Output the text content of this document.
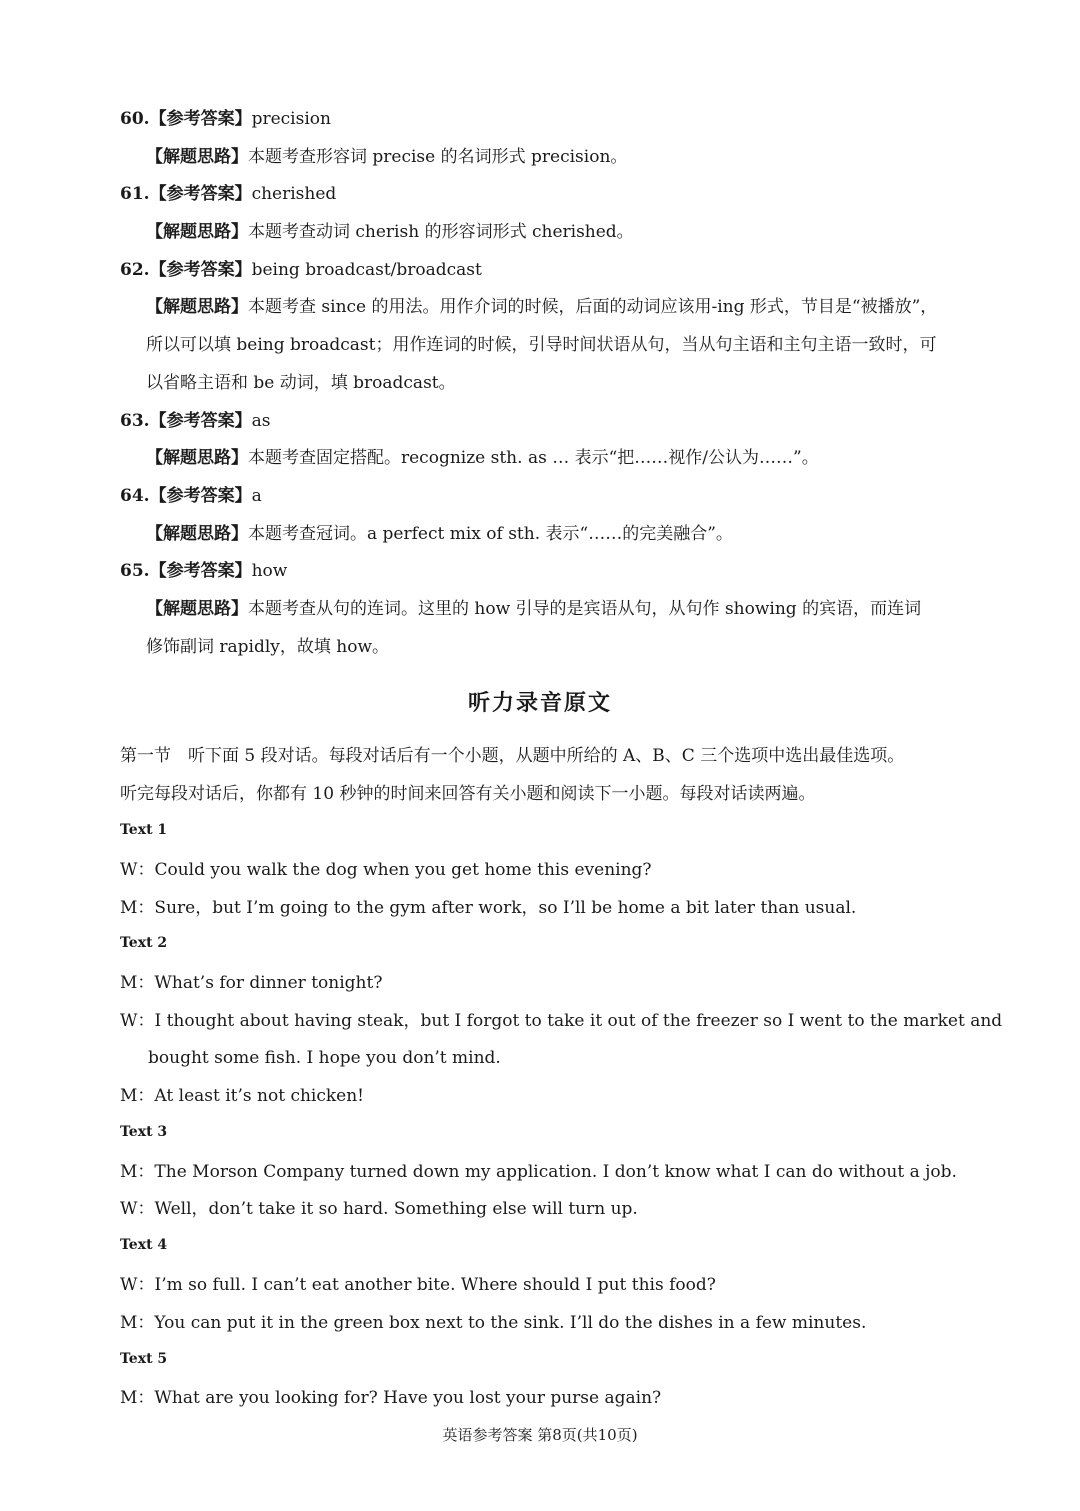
60.【参考答案】precision
【解题思路】本题考查形容词 precise 的名词形式 precision。
61.【参考答案】cherished
【解题思路】本题考查动词 cherish 的形容词形式 cherished。
62.【参考答案】being broadcast/broadcast
【解题思路】本题考查 since 的用法。用作介词的时候，后面的动词应该用-ing 形式，节目是“被播放”，
所以可以填 being broadcast；用作连词的时候，引导时间状语从句，当从句主语和主句主语一致时，可
以省略主语和 be 动词，填 broadcast。
63.【参考答案】as
【解题思路】本题考查固定搭配。recognize sth. as … 表示“把……视作/公认为……”。
64.【参考答案】a
【解题思路】本题考查冠词。a perfect mix of sth. 表示“……的完美融合”。
65.【参考答案】how
【解题思路】本题考查从句的连词。这里的 how 引导的是宾语从句，从句作 showing 的宾语，而连词
修饰副词 rapidly，故填 how。
听力录音原文
第一节　听下面 5 段对话。每段对话后有一个小题，从题中所给的 A、B、C 三个选项中选出最佳选项。
听完每段对话后，你都有 10 秒钟的时间来回答有关小题和阅读下一小题。每段对话读两遍。
Text 1
W：Could you walk the dog when you get home this evening?
M：Sure，but I’m going to the gym after work，so I’ll be home a bit later than usual.
Text 2
M：What’s for dinner tonight?
W：I thought about having steak，but I forgot to take it out of the freezer so I went to the market and
bought some fish. I hope you don’t mind.
M：At least it’s not chicken!
Text 3
M：The Morson Company turned down my application. I don’t know what I can do without a job.
W：Well，don’t take it so hard. Something else will turn up.
Text 4
W：I’m so full. I can’t eat another bite. Where should I put this food?
M：You can put it in the green box next to the sink. I’ll do the dishes in a few minutes.
Text 5
M：What are you looking for? Have you lost your purse again?
英语参考答案 第8页(共10页)
